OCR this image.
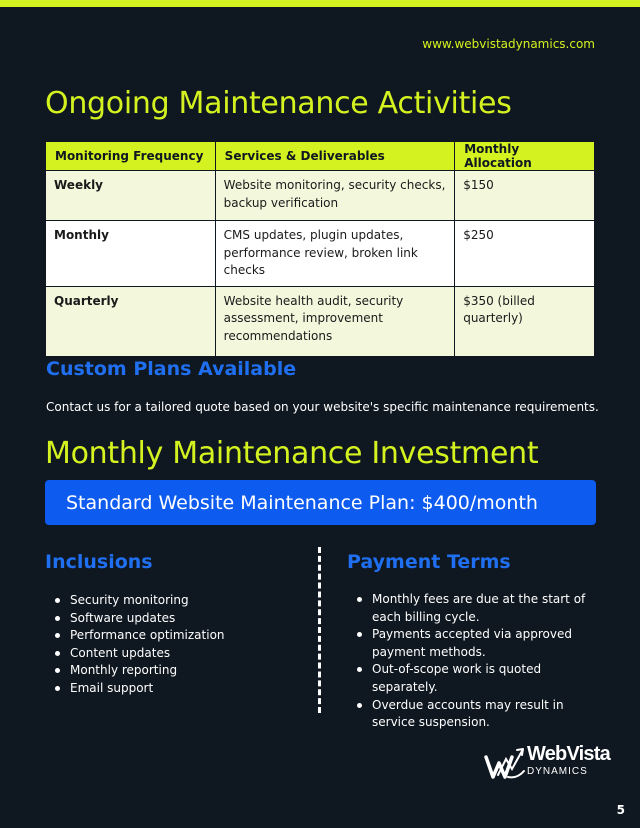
www.webvistadynamics.com
Ongoing Maintenance Activities
Monitoring Frequency	Services & Deliverables	Monthly Allocation
Weekly	Website monitoring, security checks, backup verification	$150
Monthly	CMS updates, plugin updates, performance review, broken link checks	$250
Quarterly	Website health audit, security assessment, improvement recommendations	$350 (billed quarterly)
Custom Plans Available

Contact us for a tailored quote based on your website's specific maintenance requirements.

Monthly Maintenance Investment
Standard Website Maintenance Plan: $400/month
Inclusions	Payment Terms
Security monitoring
Software updates
Performance optimization
Content updates
Monthly reporting
Email support
Monthly fees are due at the start of each billing cycle.
Payments accepted via approved payment methods.
Out-of-scope work is quoted separately.
Overdue accounts may result in service suspension.
WebVista
DYNAMICS
5
